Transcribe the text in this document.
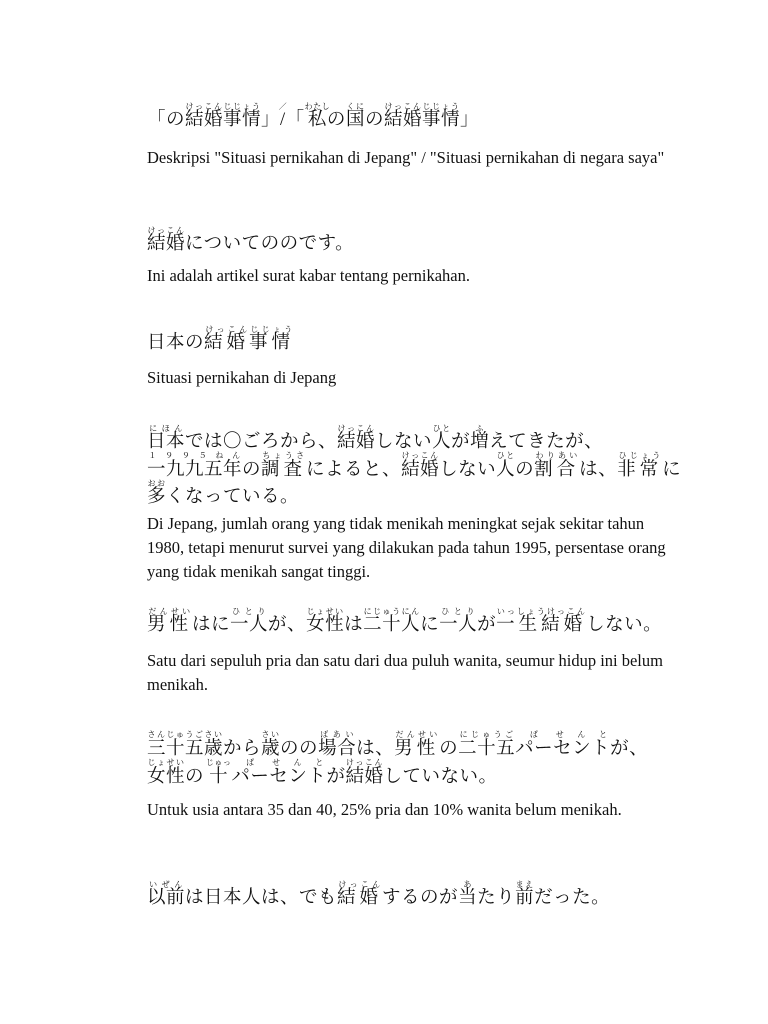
「の結婚事情けっこんじじょう」/「／私わたしの国くにの結婚事情けっこんじじょう」
Deskripsi "Situasi pernikahan di Jepang" / "Situasi pernikahan di negara saya"
結婚けっこんについてののです。
Ini adalah artikel surat kabar tentang pernikahan.
日本の結婚事情けっこんじじょう
Situasi pernikahan di Jepang
日本にほんでは〇ごろから、結婚けっこんしない人ひとが増ふえてきたが、
一九九五年１ ９ ９ ５ ね んの調査ちょうさによると、結婚けっこんしない人ひとの割合わりあいは、非常ひじょうに
多おおくなっている。
Di Jepang, jumlah orang yang tidak menikah meningkat sejak sekitar tahun 1980, tetapi menurut survei yang dilakukan pada tahun 1995, persentase orang yang tidak menikah sangat tinggi.
男性だんせいはに一人ひとりが、女性じょせいは二十人にじゅうにんに一人ひとりが一生結婚いっしょうけっこんしない。
Satu dari sepuluh pria dan satu dari dua puluh wanita, seumur hidup ini belum menikah.
三十五歳さんじゅうごさいから歳さいのの場合ばあいは、男性だんせいの二十五にじゅうごパーぱセントせ ん とが、
女性じょせいの 十じゅっパーぱセントせ ん とが結婚けっこんしていない。
Untuk usia antara 35 dan 40, 25% pria dan 10% wanita belum menikah.
以前いぜんは日本人は、でも結婚けっこんするのが当あたり前まえだった。
